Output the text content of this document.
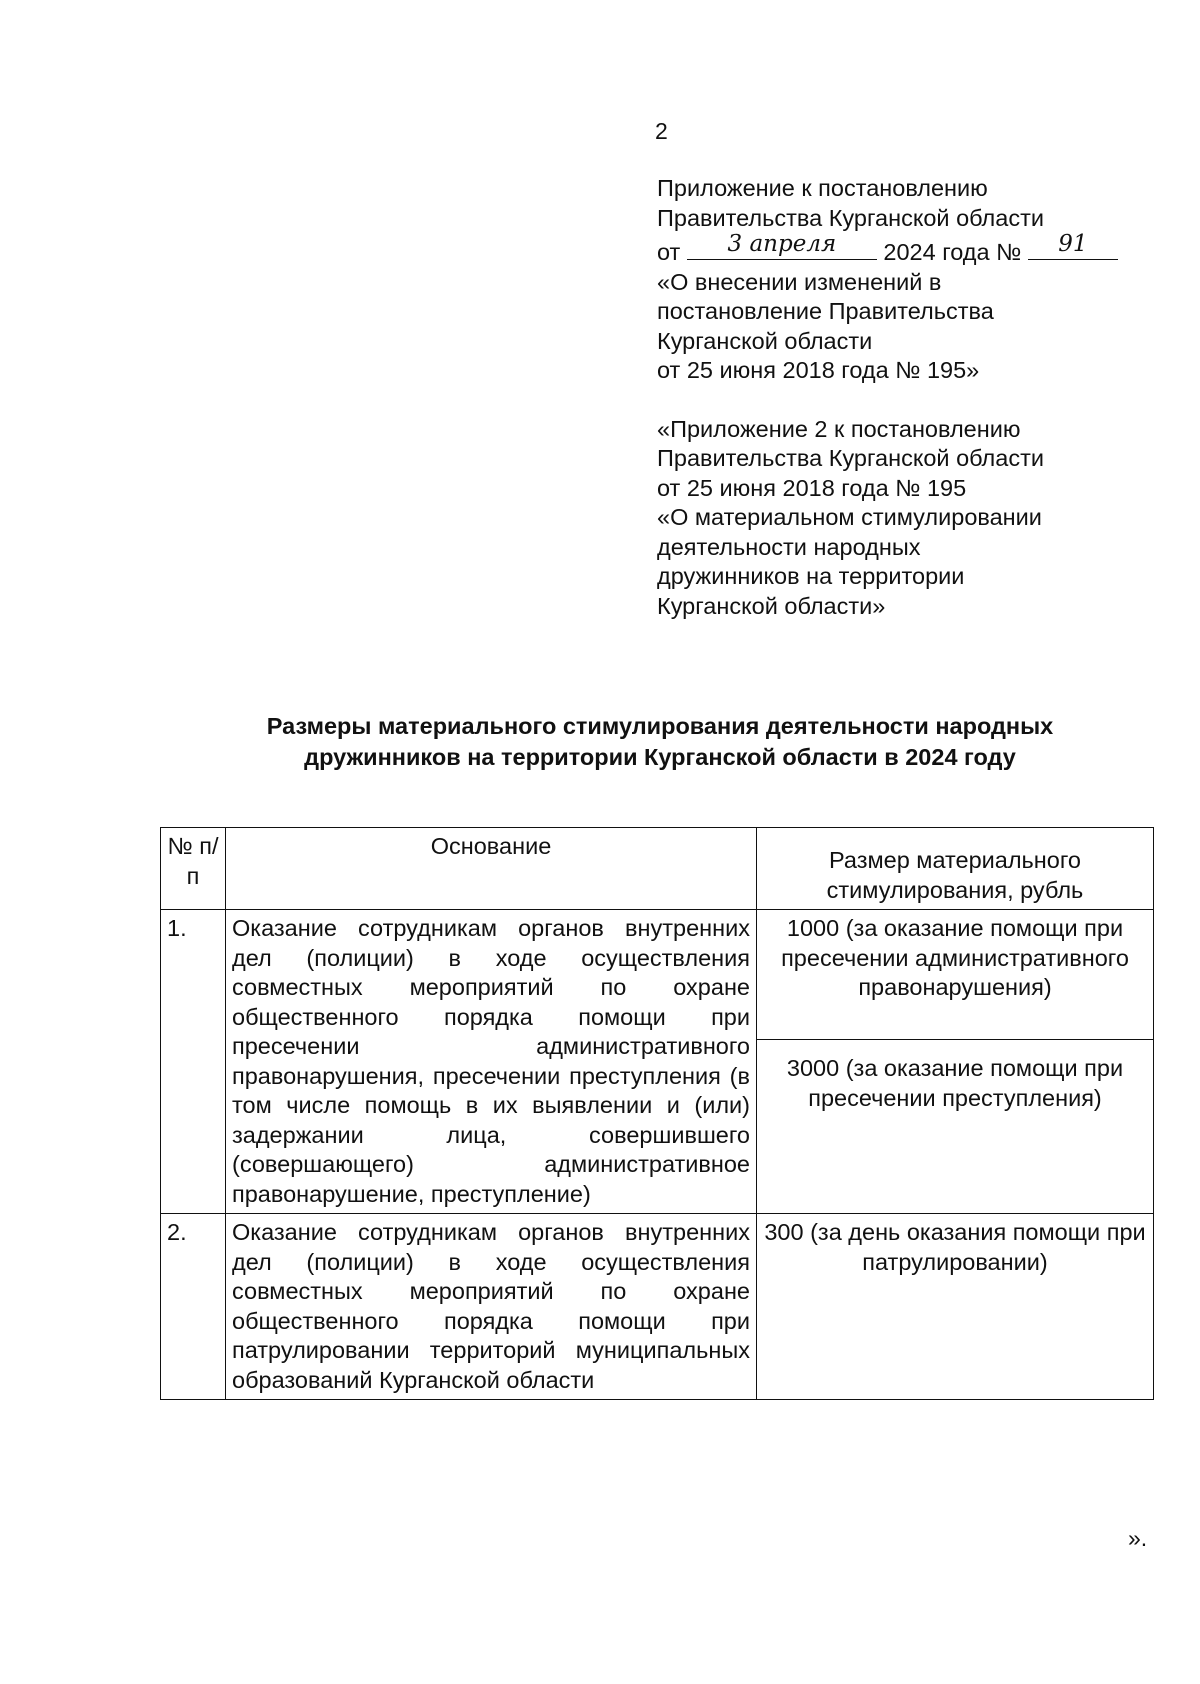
2
Приложение к постановлению
Правительства Курганской области
от	3 апреля	2024 года №	91
«О внесении изменений в
постановление Правительства
Курганской области
от 25 июня 2018 года № 195»
«Приложение 2 к постановлению
Правительства Курганской области
от 25 июня 2018 года № 195
«О материальном стимулировании
деятельности народных
дружинников на территории
Курганской области»
Размеры материального стимулирования деятельности народных
дружинников на территории Курганской области в 2024 году
№ п/п	Основание	Размер материального стимулирования, рубль
1.	Оказание сотрудникам органов внутренних дел (полиции) в ходе осуществления совместных мероприятий по охране общественного порядка помощи при пресечении административного правонарушения, пресечении преступления (в том числе помощь в их выявлении и (или) задержании лица, совершившего (совершающего) административное правонарушение, преступление)	1000 (за оказание помощи при пресечении административного правонарушения)
		3000 (за оказание помощи при пресечении преступления)
2.	Оказание сотрудникам органов внутренних дел (полиции) в ходе осуществления совместных мероприятий по охране общественного порядка помощи при патрулировании территорий муниципальных образований Курганской области	300 (за день оказания помощи при патрулировании)
».
